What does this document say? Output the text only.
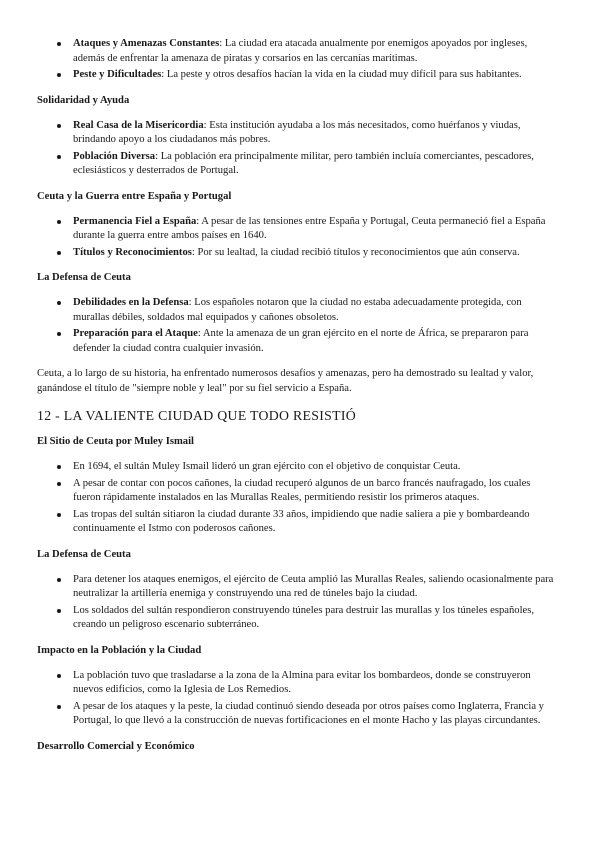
Ataques y Amenazas Constantes: La ciudad era atacada anualmente por enemigos apoyados por ingleses, además de enfrentar la amenaza de piratas y corsarios en las cercanías marítimas.
Peste y Dificultades: La peste y otros desafíos hacían la vida en la ciudad muy difícil para sus habitantes.
Solidaridad y Ayuda
Real Casa de la Misericordia: Esta institución ayudaba a los más necesitados, como huérfanos y viudas, brindando apoyo a los ciudadanos más pobres.
Población Diversa: La población era principalmente militar, pero también incluía comerciantes, pescadores, eclesiásticos y desterrados de Portugal.
Ceuta y la Guerra entre España y Portugal
Permanencia Fiel a España: A pesar de las tensiones entre España y Portugal, Ceuta permaneció fiel a España durante la guerra entre ambos países en 1640.
Títulos y Reconocimientos: Por su lealtad, la ciudad recibió títulos y reconocimientos que aún conserva.
La Defensa de Ceuta
Debilidades en la Defensa: Los españoles notaron que la ciudad no estaba adecuadamente protegida, con murallas débiles, soldados mal equipados y cañones obsoletos.
Preparación para el Ataque: Ante la amenaza de un gran ejército en el norte de África, se prepararon para defender la ciudad contra cualquier invasión.

Ceuta, a lo largo de su historia, ha enfrentado numerosos desafíos y amenazas, pero ha demostrado su lealtad y valor, ganándose el título de "siempre noble y leal" por su fiel servicio a España.

12 - LA VALIENTE CIUDAD QUE TODO RESISTIÓ
El Sitio de Ceuta por Muley Ismail
En 1694, el sultán Muley Ismail lideró un gran ejército con el objetivo de conquistar Ceuta.
A pesar de contar con pocos cañones, la ciudad recuperó algunos de un barco francés naufragado, los cuales fueron rápidamente instalados en las Murallas Reales, permitiendo resistir los primeros ataques.
Las tropas del sultán sitiaron la ciudad durante 33 años, impidiendo que nadie saliera a pie y bombardeando continuamente el Istmo con poderosos cañones.
La Defensa de Ceuta
Para detener los ataques enemigos, el ejército de Ceuta amplió las Murallas Reales, saliendo ocasionalmente para neutralizar la artillería enemiga y construyendo una red de túneles bajo la ciudad.
Los soldados del sultán respondieron construyendo túneles para destruir las murallas y los túneles españoles, creando un peligroso escenario subterráneo.
Impacto en la Población y la Ciudad
La población tuvo que trasladarse a la zona de la Almina para evitar los bombardeos, donde se construyeron nuevos edificios, como la Iglesia de Los Remedios.
A pesar de los ataques y la peste, la ciudad continuó siendo deseada por otros países como Inglaterra, Francia y Portugal, lo que llevó a la construcción de nuevas fortificaciones en el monte Hacho y las playas circundantes.
Desarrollo Comercial y Económico
